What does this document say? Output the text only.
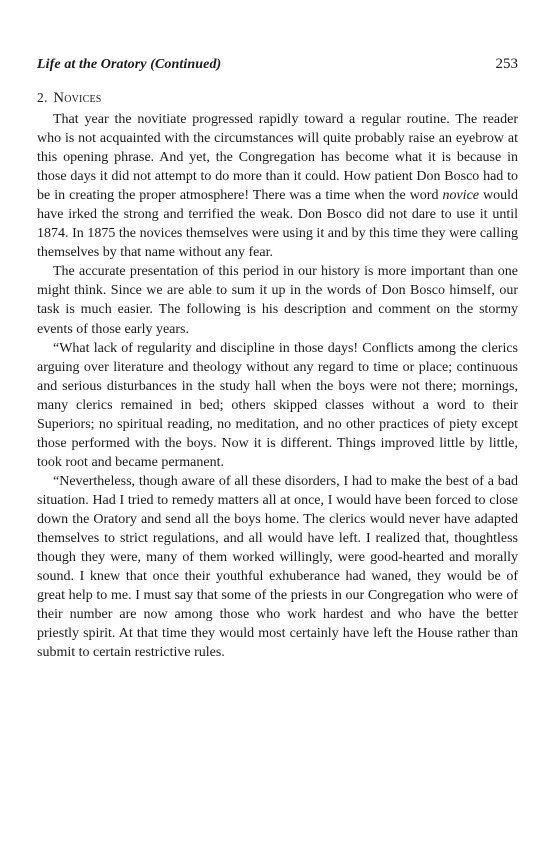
Life at the Oratory (Continued)	253
2. Novices

That year the novitiate progressed rapidly toward a regular routine. The reader who is not acquainted with the circumstances will quite probably raise an eyebrow at this opening phrase. And yet, the Congregation has become what it is because in those days it did not attempt to do more than it could. How patient Don Bosco had to be in creating the proper atmosphere! There was a time when the word novice would have irked the strong and terrified the weak. Don Bosco did not dare to use it until 1874. In 1875 the novices themselves were using it and by this time they were calling themselves by that name without any fear.

The accurate presentation of this period in our history is more important than one might think. Since we are able to sum it up in the words of Don Bosco himself, our task is much easier. The following is his description and comment on the stormy events of those early years.

“What lack of regularity and discipline in those days! Conflicts among the clerics arguing over literature and theology without any regard to time or place; continuous and serious disturbances in the study hall when the boys were not there; mornings, many clerics remained in bed; others skipped classes without a word to their Superiors; no spiritual reading, no meditation, and no other practices of piety except those performed with the boys. Now it is different. Things improved little by little, took root and became permanent.

“Nevertheless, though aware of all these disorders, I had to make the best of a bad situation. Had I tried to remedy matters all at once, I would have been forced to close down the Oratory and send all the boys home. The clerics would never have adapted themselves to strict regulations, and all would have left. I realized that, thoughtless though they were, many of them worked willingly, were good-hearted and morally sound. I knew that once their youthful exhuberance had waned, they would be of great help to me. I must say that some of the priests in our Congregation who were of their number are now among those who work hardest and who have the better priestly spirit. At that time they would most certainly have left the House rather than submit to certain restrictive rules.
